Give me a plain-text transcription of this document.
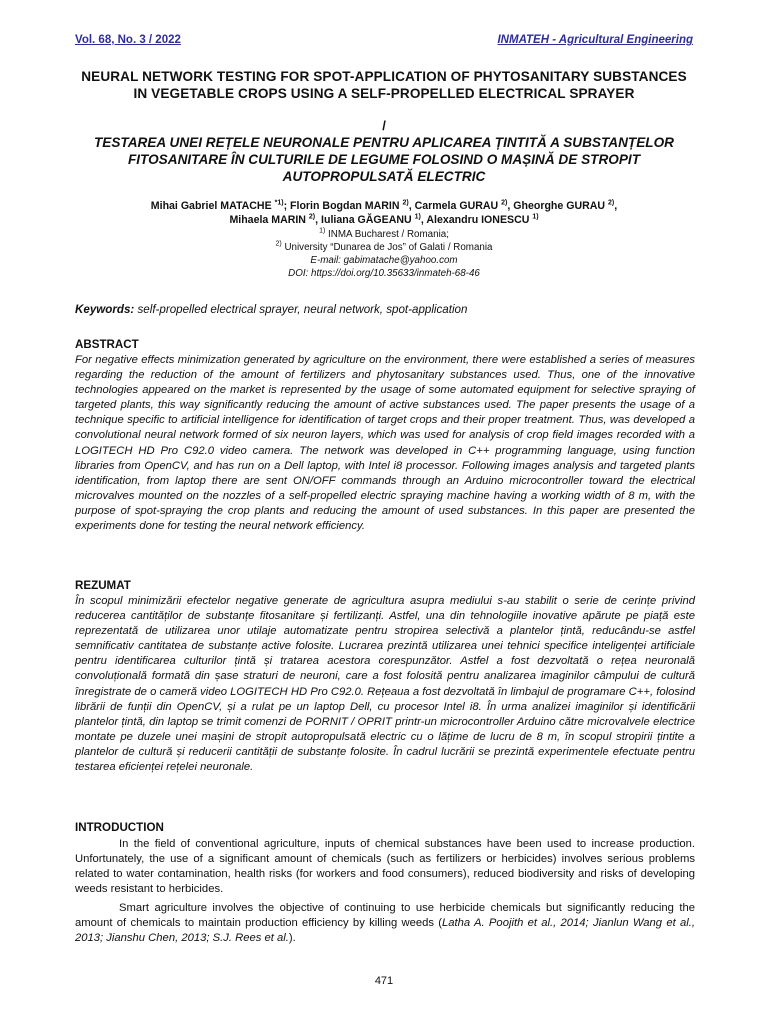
Vol. 68, No. 3 / 2022	INMATEH - Agricultural Engineering
NEURAL NETWORK TESTING FOR SPOT-APPLICATION OF PHYTOSANITARY SUBSTANCES IN VEGETABLE CROPS USING A SELF-PROPELLED ELECTRICAL SPRAYER
/
TESTAREA UNEI REȚELE NEURONALE PENTRU APLICAREA ȚINTITĂ A SUBSTANȚELOR FITOSANITARE ÎN CULTURILE DE LEGUME FOLOSIND O MAȘINĂ DE STROPIT AUTOPROPULSATĂ ELECTRIC
Mihai Gabriel MATACHE $^{*1)}$; Florin Bogdan MARIN $^{2)}$, Carmela GURAU $^{2)}$, Gheorghe GURAU $^{2)}$,
Mihaela MARIN $^{2)}$, Iuliana GĂGEANU $^{1)}$, Alexandru IONESCU $^{1)}$
$^{1)}$ INMA Bucharest / Romania;
$^{2)}$ University “Dunarea de Jos” of Galati / Romania
E-mail: gabimatache@yahoo.com
DOI: https://doi.org/10.35633/inmateh-68-46
Keywords: self-propelled electrical sprayer, neural network, spot-application
ABSTRACT

For negative effects minimization generated by agriculture on the environment, there were established a series of measures regarding the reduction of the amount of fertilizers and phytosanitary substances used. Thus, one of the innovative technologies appeared on the market is represented by the usage of some automated equipment for selective spraying of targeted plants, this way significantly reducing the amount of active substances used. The paper presents the usage of a technique specific to artificial intelligence for identification of target crops and their proper treatment. Thus, was developed a convolutional neural network formed of six neuron layers, which was used for analysis of crop field images recorded with a LOGITECH HD Pro C92.0 video camera. The network was developed in C++ programming language, using function libraries from OpenCV, and has run on a Dell laptop, with Intel i8 processor. Following images analysis and targeted plants identification, from laptop there are sent ON/OFF commands through an Arduino microcontroller toward the electrical microvalves mounted on the nozzles of a self-propelled electric spraying machine having a working width of 8 m, with the purpose of spot-spraying the crop plants and reducing the amount of used substances. In this paper are presented the experiments done for testing the neural network efficiency.

REZUMAT

În scopul minimizării efectelor negative generate de agricultura asupra mediului s-au stabilit o serie de cerințe privind reducerea cantităților de substanțe fitosanitare și fertilizanți. Astfel, una din tehnologiile inovative apărute pe piață este reprezentată de utilizarea unor utilaje automatizate pentru stropirea selectivă a plantelor țintă, reducându-se astfel semnificativ cantitatea de substanțe active folosite. Lucrarea prezintă utilizarea unei tehnici specifice inteligenței artificiale pentru identificarea culturilor țintă și tratarea acestora corespunzător. Astfel a fost dezvoltată o rețea neuronală convoluțională formată din șase straturi de neuroni, care a fost folosită pentru analizarea imaginilor câmpului de cultură înregistrate de o cameră video LOGITECH HD Pro C92.0. Rețeaua a fost dezvoltată în limbajul de programare C++, folosind librării de funții din OpenCV, și a rulat pe un laptop Dell, cu procesor Intel i8. În urma analizei imaginilor și identificării plantelor țintă, din laptop se trimit comenzi de PORNIT / OPRIT printr-un microcontroller Arduino către microvalvele electrice montate pe duzele unei mașini de stropit autopropulsată electric cu o lățime de lucru de 8 m, în scopul stropirii țintite a plantelor de cultură și reducerii cantității de substanțe folosite. În cadrul lucrării se prezintă experimentele efectuate pentru testarea eficienței rețelei neuronale.

INTRODUCTION

In the field of conventional agriculture, inputs of chemical substances have been used to increase production. Unfortunately, the use of a significant amount of chemicals (such as fertilizers or herbicides) involves serious problems related to water contamination, health risks (for workers and food consumers), reduced biodiversity and risks of developing weeds resistant to herbicides.

Smart agriculture involves the objective of continuing to use herbicide chemicals but significantly reducing the amount of chemicals to maintain production efficiency by killing weeds (Latha A. Poojith et al., 2014; Jianlun Wang et al., 2013; Jianshu Chen, 2013; S.J. Rees et al.).

471
